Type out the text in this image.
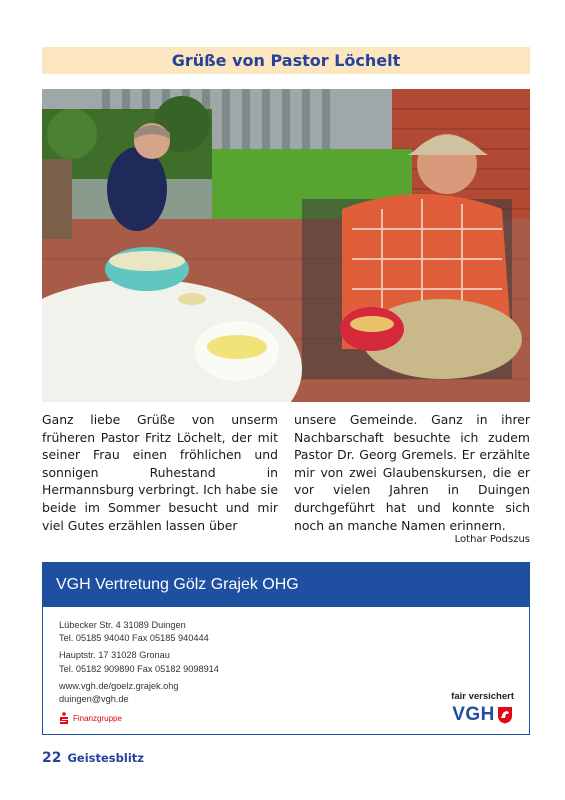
Grüße von Pastor Löchelt
Ganz liebe Grüße von unserm früheren Pastor Fritz Löchelt, der mit seiner Frau einen fröhlichen und sonnigen Ruhestand in Hermannsburg verbringt. Ich habe sie beide im Sommer besucht und mir viel Gutes erzählen lassen über
unsere Gemeinde. Ganz in ihrer Nachbarschaft besuchte ich zudem Pastor Dr. Georg Gremels. Er erzählte mir von zwei Glaubenskursen, die er vor vielen Jahren in Duingen durchgeführt hat und konnte sich noch an manche Namen erinnern.
Lothar Podszus
VGH Vertretung Gölz Grajek OHG
Lübecker Str. 4 31089 Duingen
Tel. 05185 94040 Fax 05185 940444
Hauptstr. 17 31028 Gronau
Tel. 05182 909890 Fax 05182 9098914
www.vgh.de/goelz.grajek.ohg
duingen@vgh.de
Finanzgruppe
fair versichert
VGH
22 Geistesblitz
